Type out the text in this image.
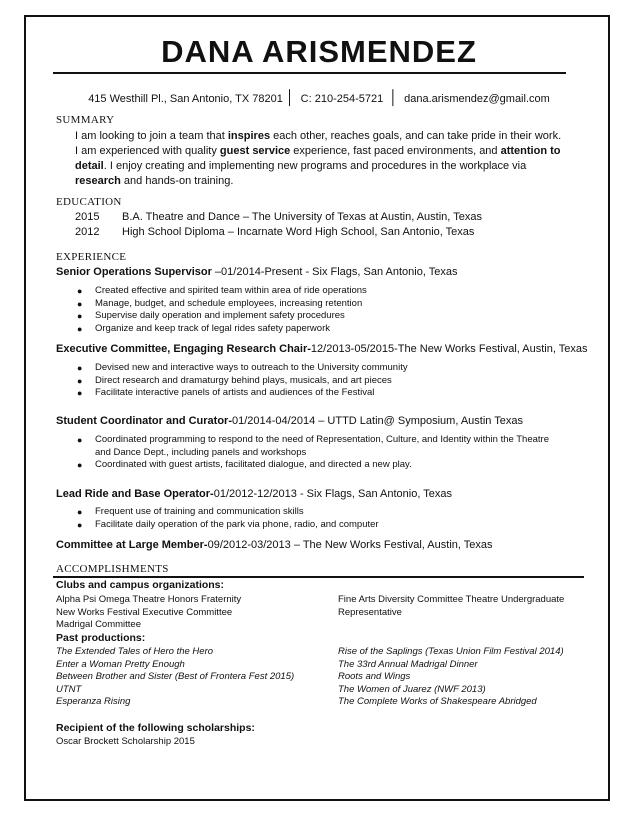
DANA ARISMENDEZ
415 Westhill Pl., San Antonio, TX 78201 │ C: 210-254-5721 │ dana.arismendez@gmail.com
SUMMARY
I am looking to join a team that inspires each other, reaches goals, and can take pride in their work. I am experienced with quality guest service experience, fast paced environments, and attention to detail. I enjoy creating and implementing new programs and procedures in the workplace via research and hands-on training.
EDUCATION
2015 B.A. Theatre and Dance – The University of Texas at Austin, Austin, Texas
2012 High School Diploma – Incarnate Word High School, San Antonio, Texas
EXPERIENCE
Senior Operations Supervisor –01/2014-Present - Six Flags, San Antonio, Texas
● Created effective and spirited team within area of ride operations
● Manage, budget, and schedule employees, increasing retention
● Supervise daily operation and implement safety procedures
● Organize and keep track of legal rides safety paperwork
Executive Committee, Engaging Research Chair-12/2013-05/2015-The New Works Festival, Austin, Texas
● Devised new and interactive ways to outreach to the University community
● Direct research and dramaturgy behind plays, musicals, and art pieces
● Facilitate interactive panels of artists and audiences of the Festival
Student Coordinator and Curator-01/2014-04/2014 – UTTD Latin@ Symposium, Austin Texas
● Coordinated programming to respond to the need of Representation, Culture, and Identity within the Theatre and Dance Dept., including panels and workshops
● Coordinated with guest artists, facilitated dialogue, and directed a new play.
Lead Ride and Base Operator-01/2012-12/2013 - Six Flags, San Antonio, Texas
● Frequent use of training and communication skills
● Facilitate daily operation of the park via phone, radio, and computer
Committee at Large Member-09/2012-03/2013 – The New Works Festival, Austin, Texas
ACCOMPLISHMENTS
Clubs and campus organizations:
Alpha Psi Omega Theatre Honors Fraternity
New Works Festival Executive Committee
Madrigal Committee
Fine Arts Diversity Committee Theatre Undergraduate
Representative
Past productions:
The Extended Tales of Hero the Hero
Enter a Woman Pretty Enough
Between Brother and Sister (Best of Frontera Fest 2015)
UTNT
Esperanza Rising
Rise of the Saplings (Texas Union Film Festival 2014)
The 33rd Annual Madrigal Dinner
Roots and Wings
The Women of Juarez (NWF 2013)
The Complete Works of Shakespeare Abridged
Recipient of the following scholarships:
Oscar Brockett Scholarship 2015
